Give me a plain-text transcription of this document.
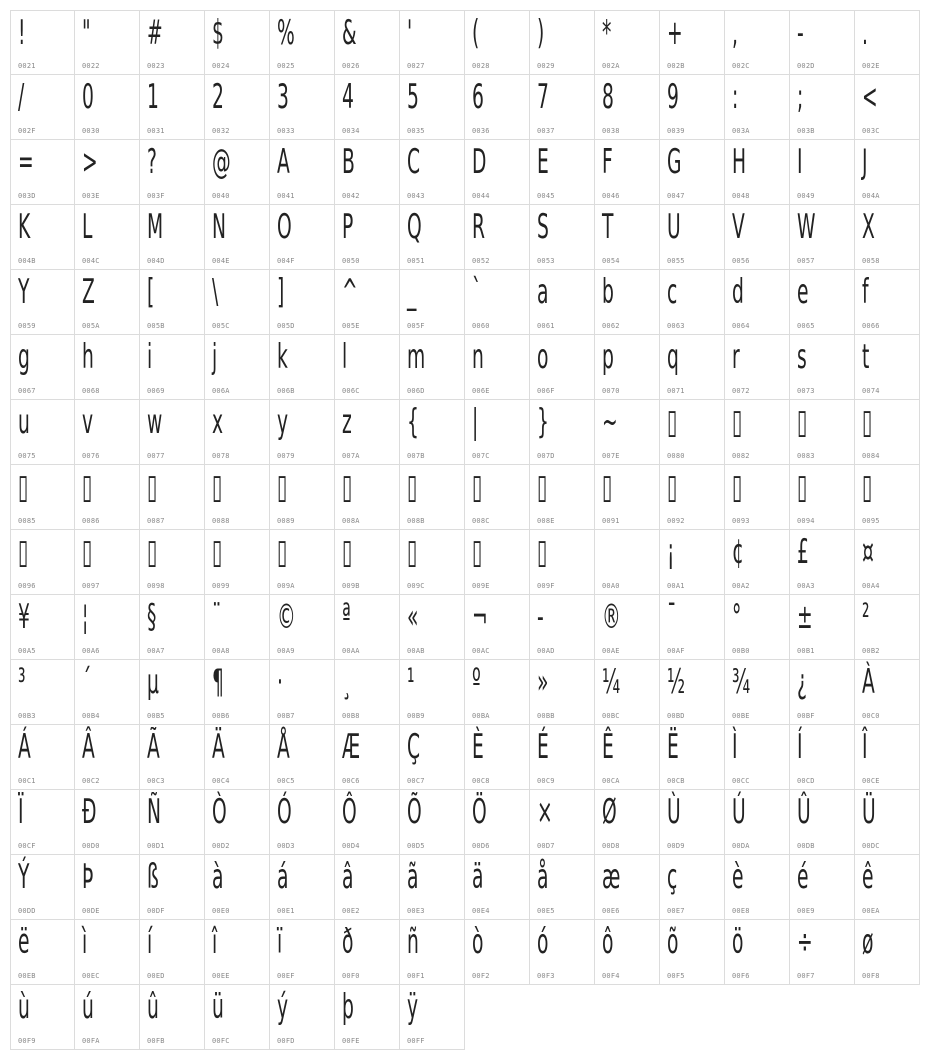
!
0021
"
0022
#
0023
$
0024
%
0025
&
0026
'
0027
(
0028
)
0029
*
002A
+
002B
,
002C
-
002D
.
002E
/
002F
0
0030
1
0031
2
0032
3
0033
4
0034
5
0035
6
0036
7
0037
8
0038
9
0039
:
003A
;
003B
<
003C
=
003D
>
003E
?
003F
@
0040
A
0041
B
0042
C
0043
D
0044
E
0045
F
0046
G
0047
H
0048
I
0049
J
004A
K
004B
L
004C
M
004D
N
004E
O
004F
P
0050
Q
0051
R
0052
S
0053
T
0054
U
0055
V
0056
W
0057
X
0058
Y
0059
Z
005A
[
005B
\
005C
]
005D
^
005E
_
005F
`
0060
a
0061
b
0062
c
0063
d
0064
e
0065
f
0066
g
0067
h
0068
i
0069
j
006A
k
006B
l
006C
m
006D
n
006E
o
006F
p
0070
q
0071
r
0072
s
0073
t
0074
u
0075
v
0076
w
0077
x
0078
y
0079
z
007A
{
007B
|
007C
}
007D
~
007E
▯
0080
▯
0082
▯
0083
▯
0084
▯
0085
▯
0086
▯
0087
▯
0088
▯
0089
▯
008A
▯
008B
▯
008C
▯
008E
▯
0091
▯
0092
▯
0093
▯
0094
▯
0095
▯
0096
▯
0097
▯
0098
▯
0099
▯
009A
▯
009B
▯
009C
▯
009E
▯
009F	00A0
¡
00A1
¢
00A2
£
00A3
¤
00A4
¥
00A5
¦
00A6
§
00A7
¨
00A8
©
00A9
ª
00AA
«
00AB
¬
00AC
-
00AD
®
00AE
¯
00AF
°
00B0
±
00B1
²
00B2
³
00B3
´
00B4
µ
00B5
¶
00B6
·
00B7
¸
00B8
¹
00B9
º
00BA
»
00BB
¼
00BC
½
00BD
¾
00BE
¿
00BF
À
00C0
Á
00C1
Â
00C2
Ã
00C3
Ä
00C4
Å
00C5
Æ
00C6
Ç
00C7
È
00C8
É
00C9
Ê
00CA
Ë
00CB
Ì
00CC
Í
00CD
Î
00CE
Ï
00CF
Ð
00D0
Ñ
00D1
Ò
00D2
Ó
00D3
Ô
00D4
Õ
00D5
Ö
00D6
×
00D7
Ø
00D8
Ù
00D9
Ú
00DA
Û
00DB
Ü
00DC
Ý
00DD
Þ
00DE
ß
00DF
à
00E0
á
00E1
â
00E2
ã
00E3
ä
00E4
å
00E5
æ
00E6
ç
00E7
è
00E8
é
00E9
ê
00EA
ë
00EB
ì
00EC
í
00ED
î
00EE
ï
00EF
ð
00F0
ñ
00F1
ò
00F2
ó
00F3
ô
00F4
õ
00F5
ö
00F6
÷
00F7
ø
00F8
ù
00F9
ú
00FA
û
00FB
ü
00FC
ý
00FD
þ
00FE
ÿ
00FF
